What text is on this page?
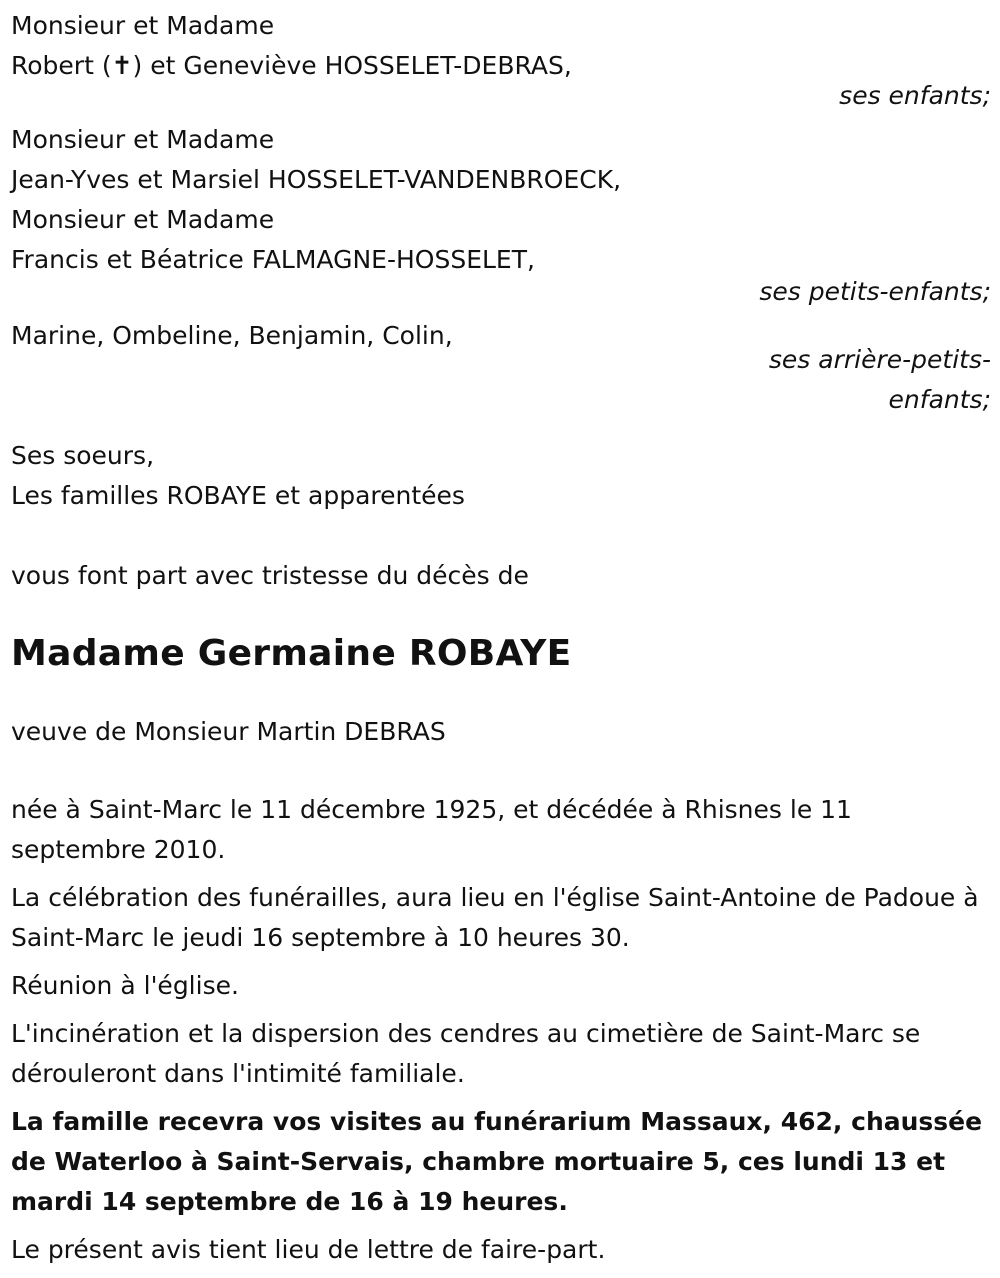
Monsieur et Madame
Robert (✝) et Geneviève HOSSELET-DEBRAS,
ses enfants;
Monsieur et Madame
Jean-Yves et Marsiel HOSSELET-VANDENBROECK,
Monsieur et Madame
Francis et Béatrice FALMAGNE-HOSSELET,
ses petits-enfants;
Marine, Ombeline, Benjamin, Colin,
ses arrière-petits-
enfants;
Ses soeurs,
Les familles ROBAYE et apparentées
vous font part avec tristesse du décès de
Madame Germaine ROBAYE
veuve de Monsieur Martin DEBRAS

née à Saint-Marc le 11 décembre 1925, et décédée à Rhisnes le 11 septembre 2010.

La célébration des funérailles, aura lieu en l'église Saint-Antoine de Padoue à Saint-Marc le jeudi 16 septembre à 10 heures 30.

Réunion à l'église.

L'incinération et la dispersion des cendres au cimetière de Saint-Marc se dérouleront dans l'intimité familiale.

La famille recevra vos visites au funérarium Massaux, 462, chaussée de Waterloo à Saint-Servais, chambre mortuaire 5, ces lundi 13 et mardi 14 septembre de 16 à 19 heures.

Le présent avis tient lieu de lettre de faire-part.
